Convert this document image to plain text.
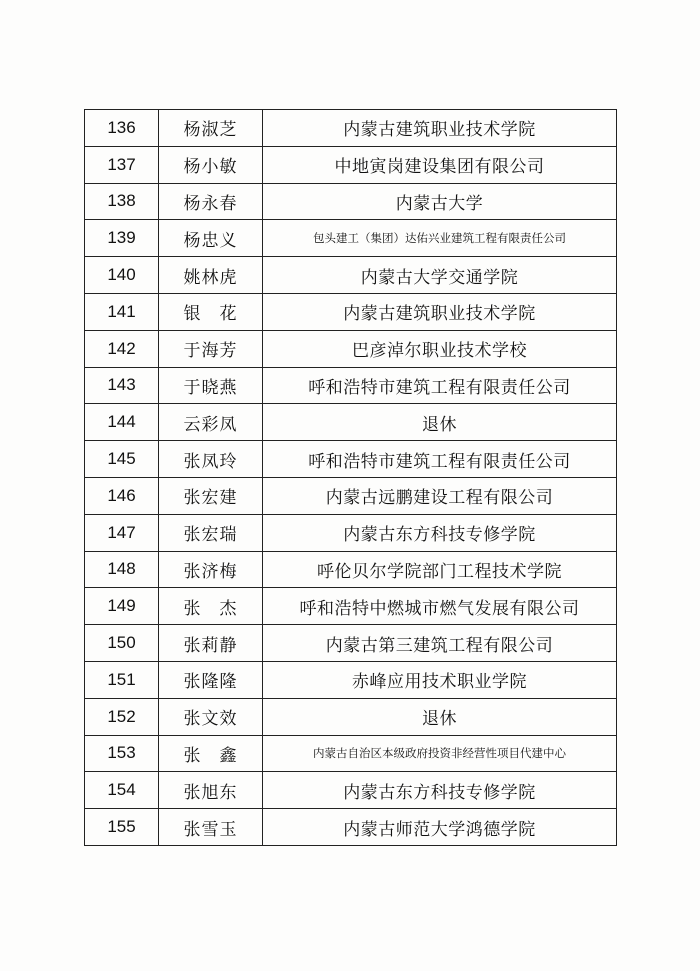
136	杨淑芝	内蒙古建筑职业技术学院
137	杨小敏	中地寅岗建设集团有限公司
138	杨永春	内蒙古大学
139	杨忠义	包头建工（集团）达佑兴业建筑工程有限责任公司
140	姚林虎	内蒙古大学交通学院
141	银　花	内蒙古建筑职业技术学院
142	于海芳	巴彦淖尔职业技术学校
143	于晓燕	呼和浩特市建筑工程有限责任公司
144	云彩凤	退休
145	张凤玲	呼和浩特市建筑工程有限责任公司
146	张宏建	内蒙古远鹏建设工程有限公司
147	张宏瑞	内蒙古东方科技专修学院
148	张济梅	呼伦贝尔学院部门工程技术学院
149	张　杰	呼和浩特中燃城市燃气发展有限公司
150	张莉静	内蒙古第三建筑工程有限公司
151	张隆隆	赤峰应用技术职业学院
152	张文效	退休
153	张　鑫	内蒙古自治区本级政府投资非经营性项目代建中心
154	张旭东	内蒙古东方科技专修学院
155	张雪玉	内蒙古师范大学鸿德学院
